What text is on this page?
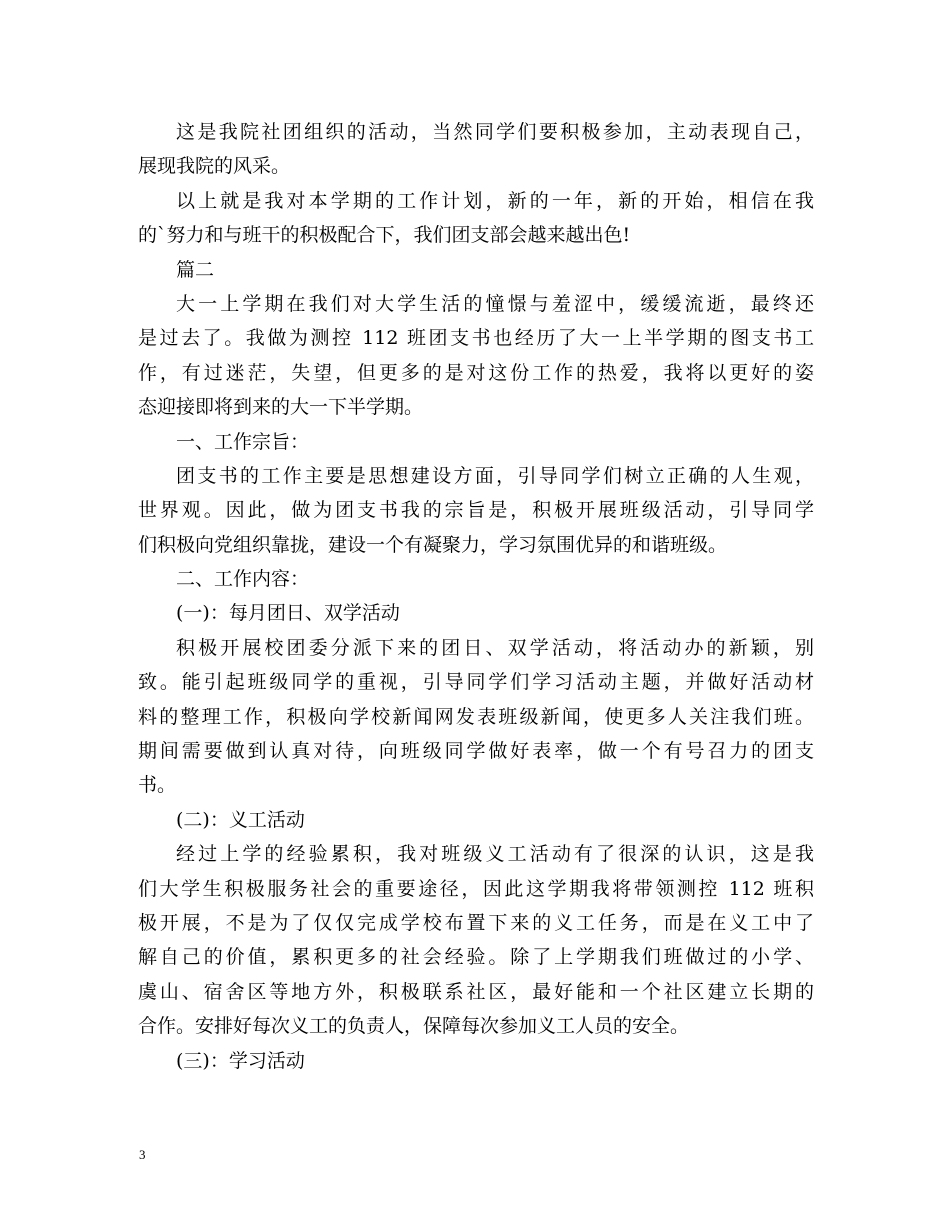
这是我院社团组织的活动，当然同学们要积极参加，主动表现自己，
展现我院的风采。
以上就是我对本学期的工作计划，新的一年，新的开始，相信在我
的`努力和与班干的积极配合下，我们团支部会越来越出色!
篇二
大一上学期在我们对大学生活的憧憬与羞涩中，缓缓流逝，最终还
是过去了。我做为测控 112 班团支书也经历了大一上半学期的图支书工
作，有过迷茫，失望，但更多的是对这份工作的热爱，我将以更好的姿
态迎接即将到来的大一下半学期。
一、工作宗旨：
团支书的工作主要是思想建设方面，引导同学们树立正确的人生观，
世界观。因此，做为团支书我的宗旨是，积极开展班级活动，引导同学
们积极向党组织靠拢，建设一个有凝聚力，学习氛围优异的和谐班级。
二、工作内容：
(一)：每月团日、双学活动
积极开展校团委分派下来的团日、双学活动，将活动办的新颖，别
致。能引起班级同学的重视，引导同学们学习活动主题，并做好活动材
料的整理工作，积极向学校新闻网发表班级新闻，使更多人关注我们班。
期间需要做到认真对待，向班级同学做好表率，做一个有号召力的团支
书。
(二)：义工活动
经过上学的经验累积，我对班级义工活动有了很深的认识，这是我
们大学生积极服务社会的重要途径，因此这学期我将带领测控 112 班积
极开展，不是为了仅仅完成学校布置下来的义工任务，而是在义工中了
解自己的价值，累积更多的社会经验。除了上学期我们班做过的小学、
虞山、宿舍区等地方外，积极联系社区，最好能和一个社区建立长期的
合作。安排好每次义工的负责人，保障每次参加义工人员的安全。
(三)：学习活动
3
